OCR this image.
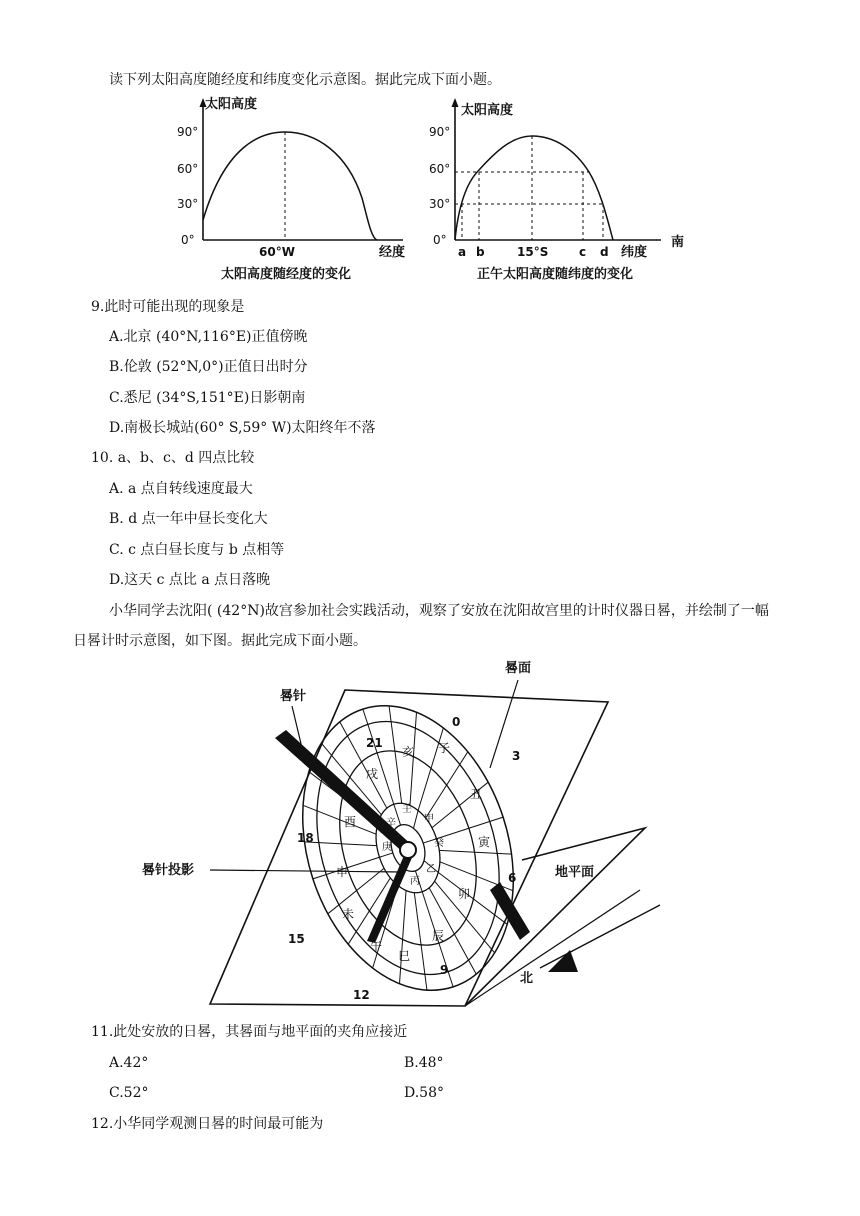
读下列太阳高度随经度和纬度变化示意图。据此完成下面小题。
太阳高度
90°
60°
30°
0°
60°W	经度
太阳高度随经度的变化
太阳高度
90°
60°
30°
0°
a b	15°S	c d 纬度
南
正午太阳高度随纬度的变化
9.此时可能出现的现象是
A.北京 (40°N,116°E)正值傍晚
B.伦敦 (52°N,0°)正值日出时分
C.悉尼 (34°S,151°E)日影朝南
D.南极长城站(60° S,59° W)太阳终年不落
10. a、b、c、d 四点比较
A. a 点自转线速度最大
B. d 点一年中昼长变化大
C. c 点白昼长度与 b 点相等
D.这天 c 点比 a 点日落晚
小华同学去沈阳( (42°N)故宫参加社会实践活动，观察了安放在沈阳故宫里的计时仪器日晷，并绘制了一幅
日晷计时示意图，如下图。据此完成下面小题。
晷面
晷针
晷针投影	地平面
北
0
3
6
9
12
15
18
21	子
丑
寅
卯
辰
巳
午
未
申
酉
戌
亥
甲
乙
丙
丁
庚
辛
壬
癸
11.此处安放的日晷，其晷面与地平面的夹角应接近
A.42°	B.48°
C.52°	D.58°
12.小华同学观测日晷的时间最可能为
